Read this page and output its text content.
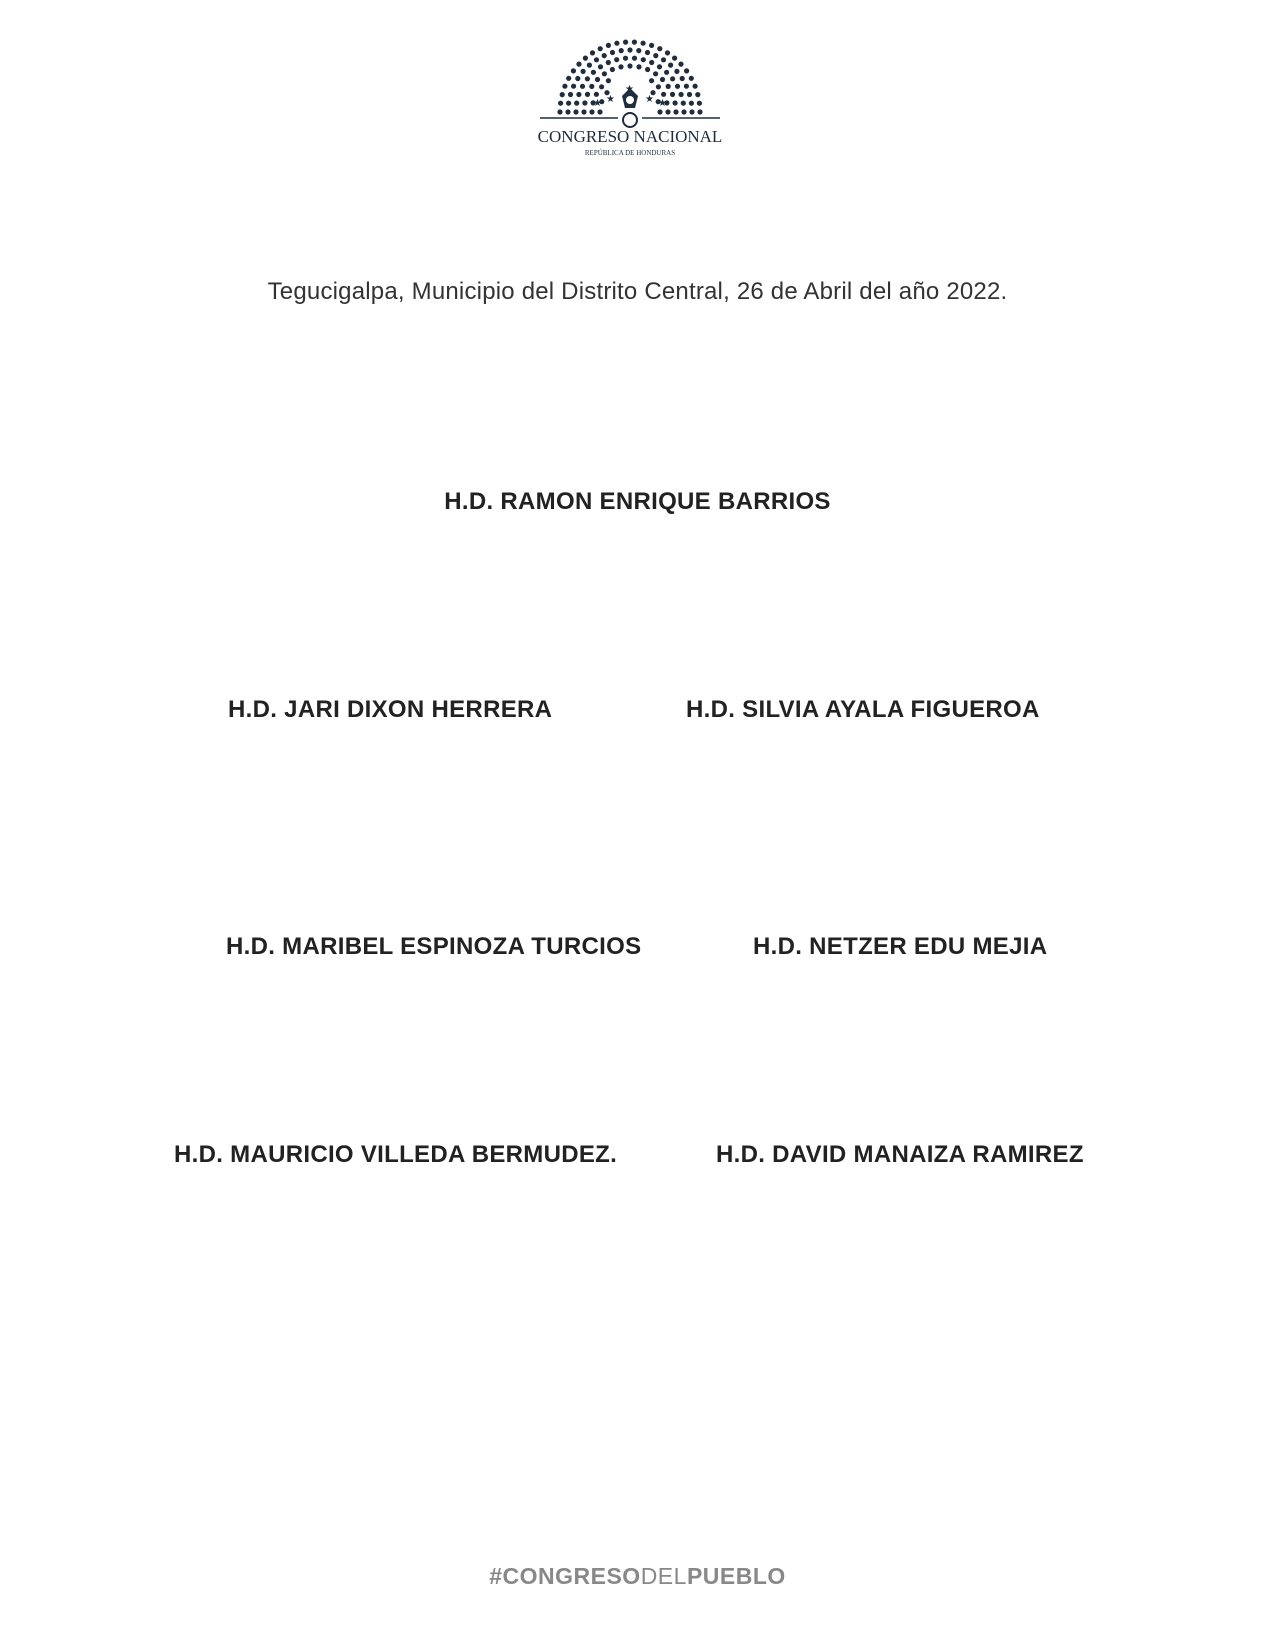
★ ★	★ ★
★
CONGRESO NACIONAL
REPÚBLICA DE HONDURAS
Tegucigalpa, Municipio del Distrito Central, 26 de Abril del año 2022.
H.D. RAMON ENRIQUE BARRIOS
H.D. JARI DIXON HERRERA	H.D. SILVIA AYALA FIGUEROA
H.D. MARIBEL ESPINOZA TURCIOS	H.D. NETZER EDU MEJIA
H.D. MAURICIO VILLEDA BERMUDEZ.	H.D. DAVID MANAIZA RAMIREZ
#CONGRESODELPUEBLO
